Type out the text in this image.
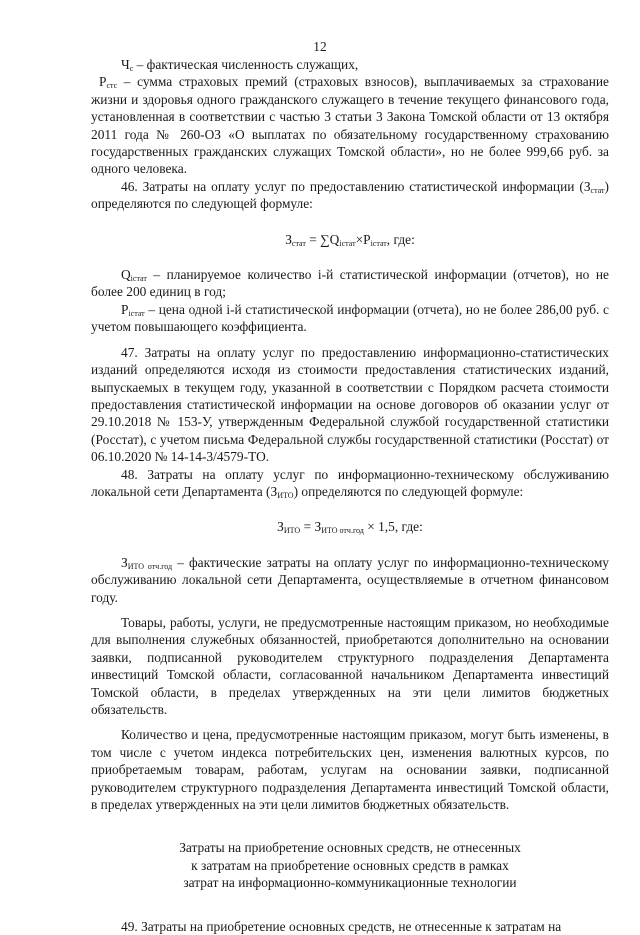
12

$Ч_с$ – фактическая численность служащих,

$Р_{стс}$ – сумма страховых премий (страховых взносов), выплачиваемых за страхование жизни и здоровья одного гражданского служащего в течение текущего финансового года, установленная в соответствии с частью 3 статьи 3 Закона Томской области от 13 октября 2011 года № 260-ОЗ «О выплатах по обязательному государственному страхованию государственных гражданских служащих Томской области», но не более 999,66 руб. за одного человека.

46. Затраты на оплату услуг по предоставлению статистической информации $(З_{стат})$ определяются по следующей формуле:

$З_{стат} = \sum Q_{iстат}\times P_{iстат}$, где:

$Q_{iстат}$ – планируемое количество i-й статистической информации (отчетов), но не более 200 единиц в год;

$P_{iстат}$ – цена одной i-й статистической информации (отчета), но не более 286,00 руб. с учетом повышающего коэффициента.

47. Затраты на оплату услуг по предоставлению информационно-статистических изданий определяются исходя из стоимости предоставления статистических изданий, выпускаемых в текущем году, указанной в соответствии с Порядком расчета стоимости предоставления статистической информации на основе договоров об оказании услуг от 29.10.2018 № 153-У, утвержденным Федеральной службой государственной статистики (Росстат), с учетом письма Федеральной службы государственной статистики (Росстат) от 06.10.2020 № 14-14-3/4579-ТО.

48. Затраты на оплату услуг по информационно-техническому обслуживанию локальной сети Департамента $(З_{ИТО})$ определяются по следующей формуле:

$З_{ИТО} = З_{ИТО отч.год} \times 1,5$, где:

$З_{ИТО отч.год}$ – фактические затраты на оплату услуг по информационно-техническому обслуживанию локальной сети Департамента, осуществляемые в отчетном финансовом году.

Товары, работы, услуги, не предусмотренные настоящим приказом, но необходимые для выполнения служебных обязанностей, приобретаются дополнительно на основании заявки, подписанной руководителем структурного подразделения Департамента инвестиций Томской области, согласованной начальником Департамента инвестиций Томской области, в пределах утвержденных на эти цели лимитов бюджетных обязательств.

Количество и цена, предусмотренные настоящим приказом, могут быть изменены, в том числе с учетом индекса потребительских цен, изменения валютных курсов, по приобретаемым товарам, работам, услугам на основании заявки, подписанной руководителем структурного подразделения Департамента инвестиций Томской области, в пределах утвержденных на эти цели лимитов бюджетных обязательств.

Затраты на приобретение основных средств, не отнесенных
к затратам на приобретение основных средств в рамках
затрат на информационно-коммуникационные технологии

49. Затраты на приобретение основных средств, не отнесенные к затратам на
